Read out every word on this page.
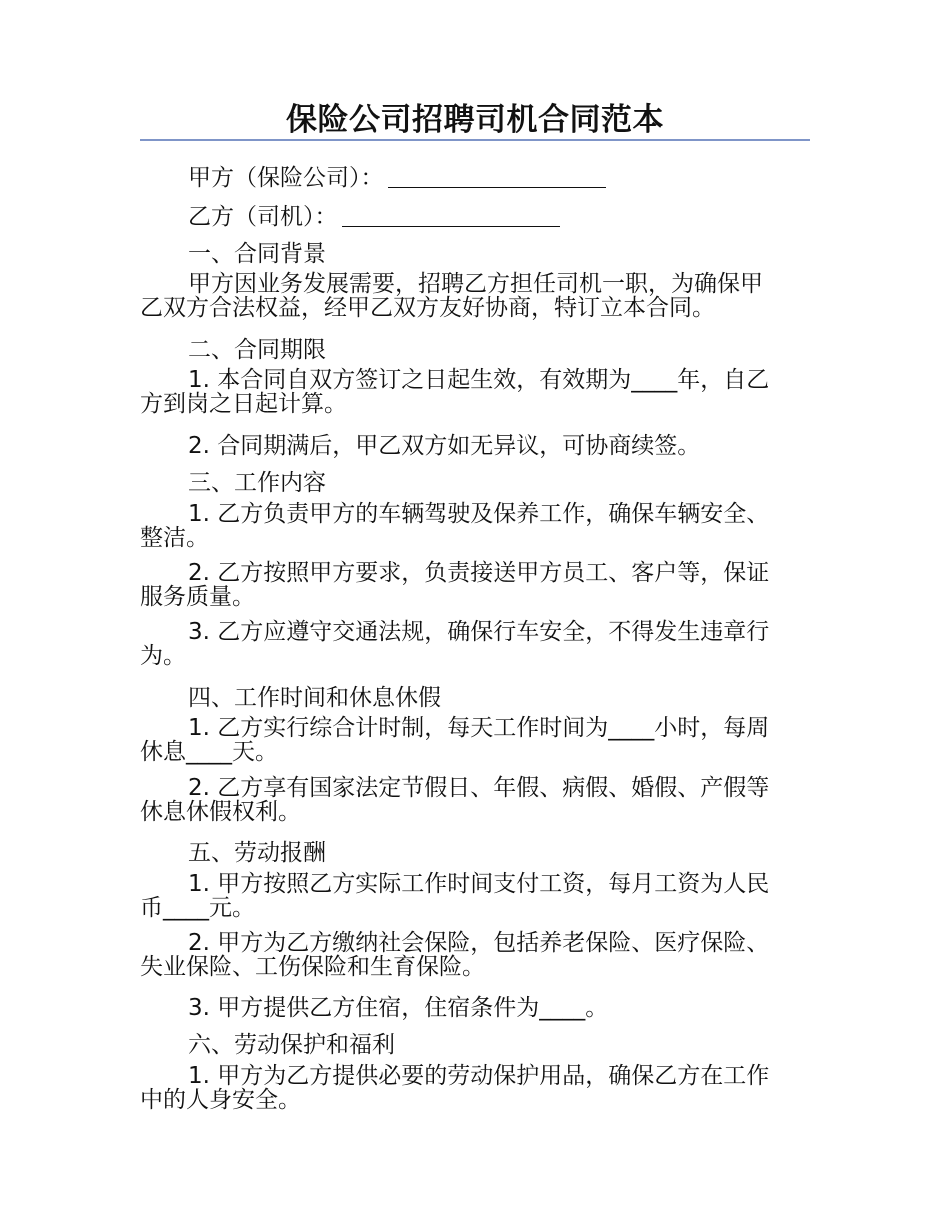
保险公司招聘司机合同范本
甲方（保险公司）：
乙方（司机）：
一、合同背景
甲方因业务发展需要，招聘乙方担任司机一职，为确保甲
乙双方合法权益，经甲乙双方友好协商，特订立本合同。
二、合同期限
1. 本合同自双方签订之日起生效，有效期为____年，自乙
方到岗之日起计算。
2. 合同期满后，甲乙双方如无异议，可协商续签。
三、工作内容
1. 乙方负责甲方的车辆驾驶及保养工作，确保车辆安全、
整洁。
2. 乙方按照甲方要求，负责接送甲方员工、客户等，保证
服务质量。
3. 乙方应遵守交通法规，确保行车安全，不得发生违章行
为。
四、工作时间和休息休假
1. 乙方实行综合计时制，每天工作时间为____小时，每周
休息____天。
2. 乙方享有国家法定节假日、年假、病假、婚假、产假等
休息休假权利。
五、劳动报酬
1. 甲方按照乙方实际工作时间支付工资，每月工资为人民
币____元。
2. 甲方为乙方缴纳社会保险，包括养老保险、医疗保险、
失业保险、工伤保险和生育保险。
3. 甲方提供乙方住宿，住宿条件为____。
六、劳动保护和福利
1. 甲方为乙方提供必要的劳动保护用品，确保乙方在工作
中的人身安全。
